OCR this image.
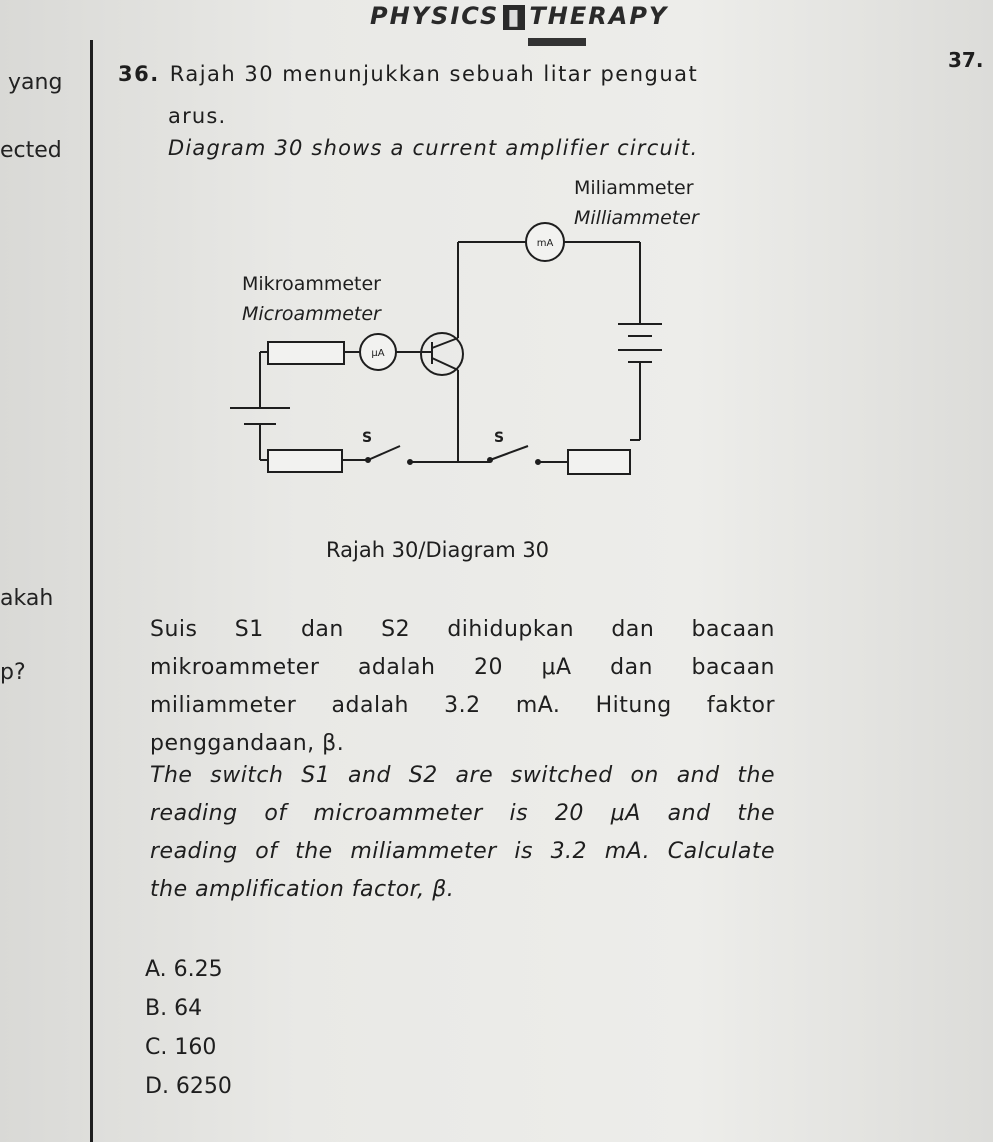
PHYSICS ▮ THERAPY
yang
ected
akah
p?
37.
36. Rajah 30 menunjukkan sebuah litar penguat
arus.
Diagram 30 shows a current amplifier circuit.
Miliammeter
Milliammeter
Mikroammeter
Microammeter
mA
μA
S	S
Rajah 30/Diagram 30
Suis S1 dan S2 dihidupkan dan bacaan
mikroammeter adalah 20 μA dan bacaan
miliammeter adalah 3.2 mA. Hitung faktor
penggandaan, β.
The switch S1 and S2 are switched on and the
reading of microammeter is 20 μA and the
reading of the miliammeter is 3.2 mA. Calculate
the amplification factor, β.
A. 6.25
B. 64
C. 160
D. 6250
